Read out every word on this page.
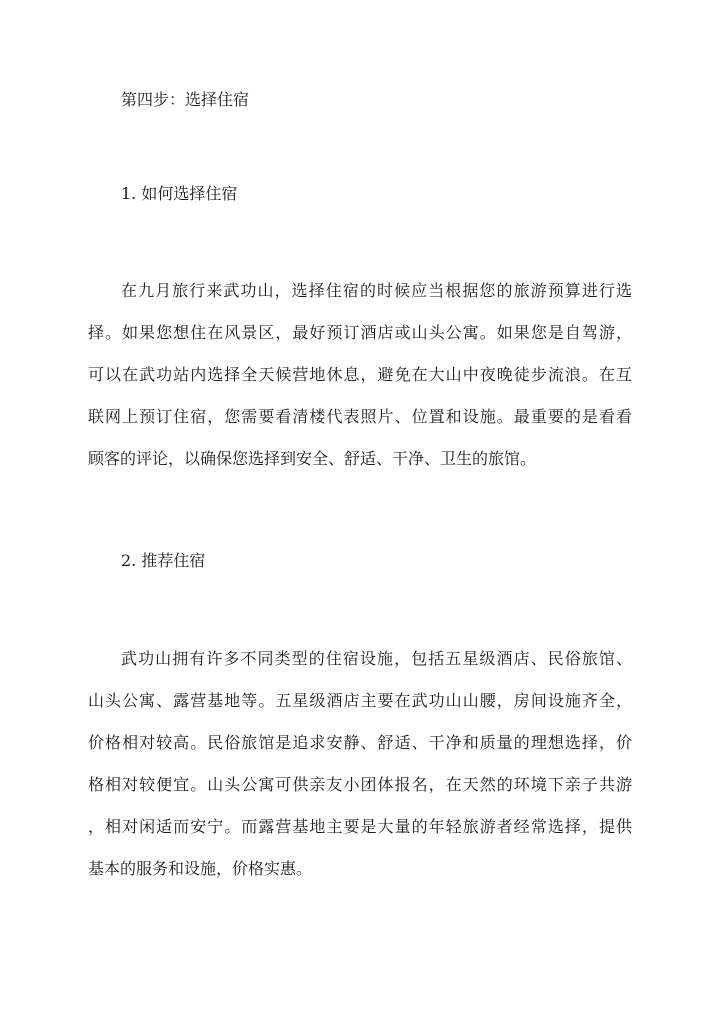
第四步：选择住宿
1. 如何选择住宿
在九月旅行来武功山，选择住宿的时候应当根据您的旅游预算进行选
择。如果您想住在风景区，最好预订酒店或山头公寓。如果您是自驾游，
可以在武功站内选择全天候营地休息，避免在大山中夜晚徒步流浪。在互
联网上预订住宿，您需要看清楼代表照片、位置和设施。最重要的是看看
顾客的评论，以确保您选择到安全、舒适、干净、卫生的旅馆。
2. 推荐住宿
武功山拥有许多不同类型的住宿设施，包括五星级酒店、民俗旅馆、
山头公寓、露营基地等。五星级酒店主要在武功山山腰，房间设施齐全，
价格相对较高。民俗旅馆是追求安静、舒适、干净和质量的理想选择，价
格相对较便宜。山头公寓可供亲友小团体报名，在天然的环境下亲子共游
，相对闲适而安宁。而露营基地主要是大量的年轻旅游者经常选择，提供
基本的服务和设施，价格实惠。
